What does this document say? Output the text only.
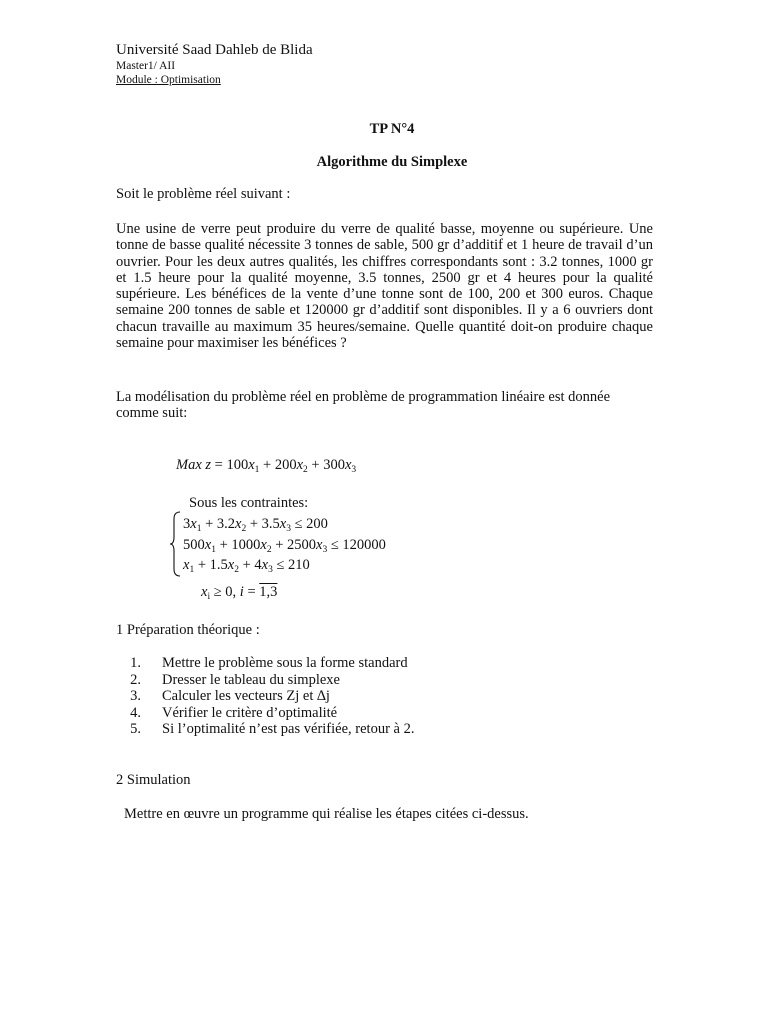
Université Saad Dahleb de Blida
Master1/ AII
Module : Optimisation
TP N°4
Algorithme du Simplexe
Soit le problème réel suivant :
Une usine de verre peut produire du verre de qualité basse, moyenne ou supérieure. Une tonne de basse qualité nécessite 3 tonnes de sable, 500 gr d’additif et 1 heure de travail d’un ouvrier. Pour les deux autres qualités, les chiffres correspondants sont : 3.2 tonnes, 1000 gr et 1.5 heure pour la qualité moyenne, 3.5 tonnes, 2500 gr et 4 heures pour la qualité supérieure. Les bénéfices de la vente d’une tonne sont de 100, 200 et 300 euros. Chaque semaine 200 tonnes de sable et 120000 gr d’additif sont disponibles. Il y a 6 ouvriers dont chacun travaille au maximum 35 heures/semaine. Quelle quantité doit-on produire chaque semaine pour maximiser les bénéfices ?
La modélisation du problème réel en problème de programmation linéaire est donnée comme suit:
Max $z = 100x_1 + 200x_2 + 300x_3$
Sous les contraintes:
$3x_1 + 3.2x_2 + 3.5x_3 \le 200$
$500x_1 + 1000x_2 + 2500x_3 \le 120000$
$x_1 + 1.5x_2 + 4x_3 \le 210$
$x_i \ge 0$, i = 1,3
1 Préparation théorique :
1. Mettre le problème sous la forme standard
2. Dresser le tableau du simplexe
3. Calculer les vecteurs Zj et ∆j
4. Vérifier le critère d’optimalité
5. Si l’optimalité n’est pas vérifiée, retour à 2.
2 Simulation
Mettre en œuvre un programme qui réalise les étapes citées ci-dessus.
